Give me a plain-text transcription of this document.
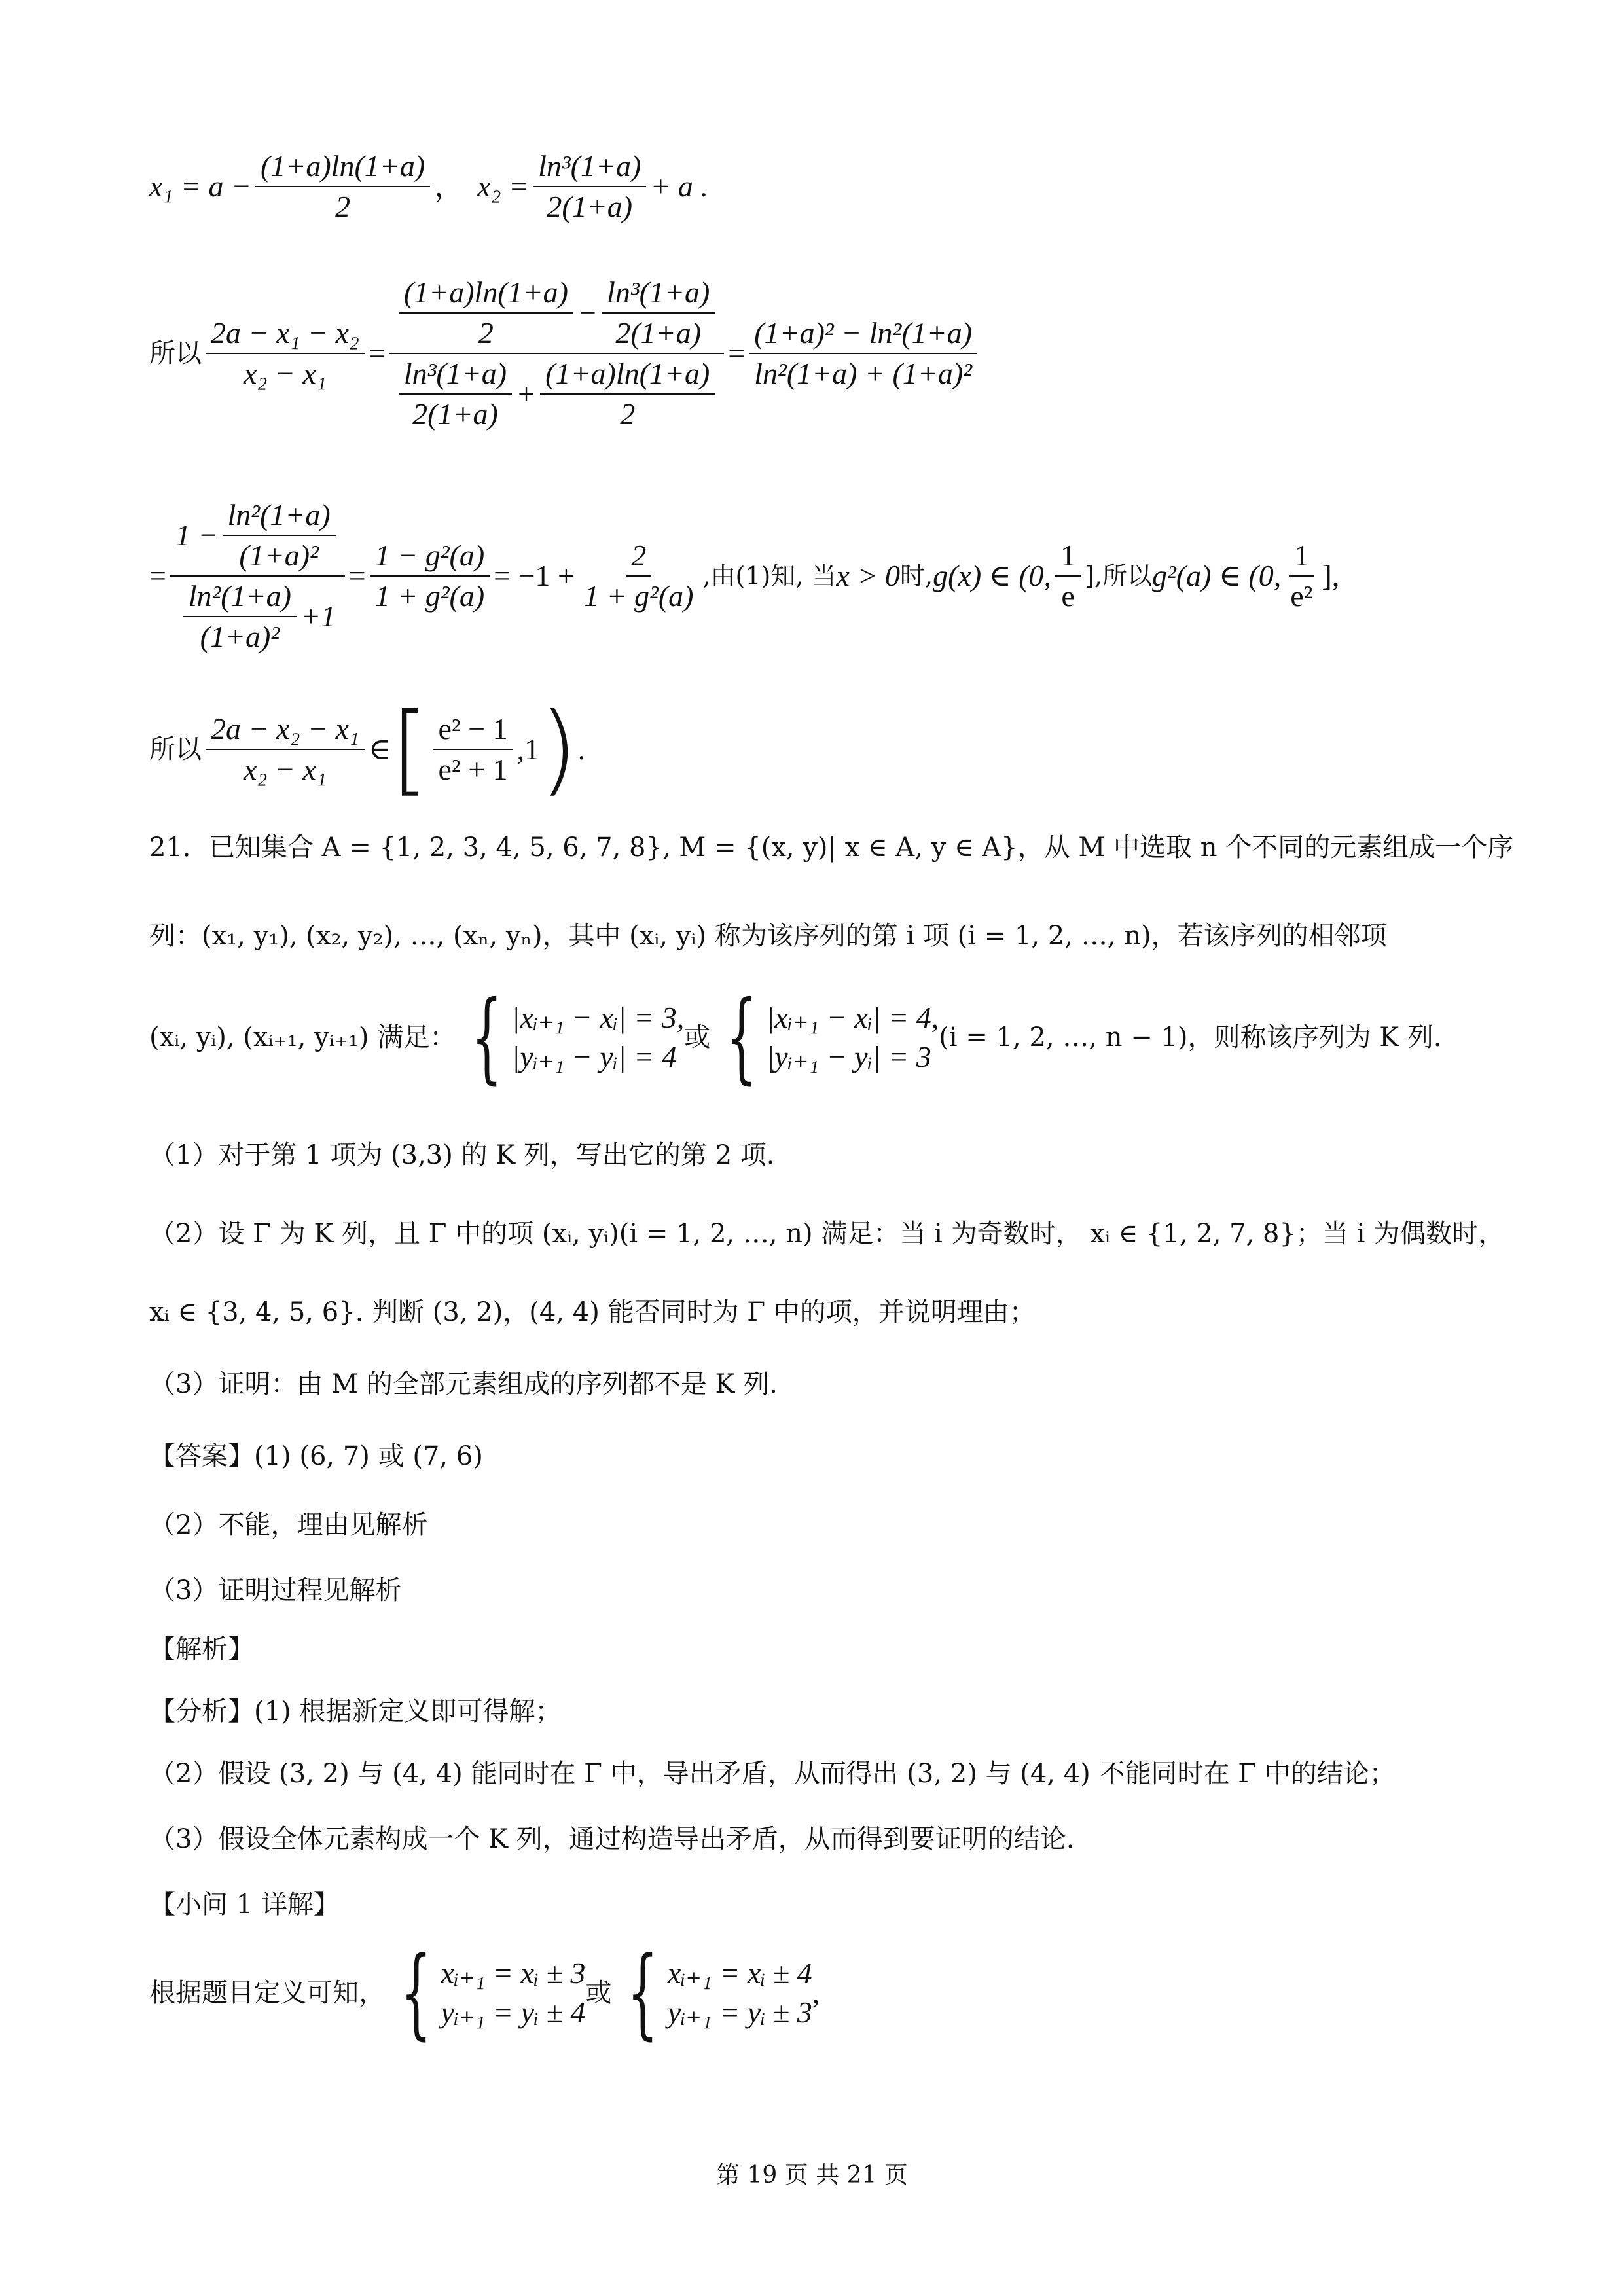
$x_1 = a - \frac{(1+a)\ln(1+a)}{2}$ ， $x_2 = \frac{\text{ln³(1+a)}}{2(1+a)} + a$ .
所以 $\frac{\text{2a − x₁ − x₂}}{\text{x₂ − x₁}}$ =
$\frac{(1+a)\ln(1+a)}{2} - \frac{\text{ln³(1+a)}}{2(1+a)}$
$\frac{\text{ln³(1+a)}}{2(1+a)} + \frac{(1+a)\ln(1+a)}{2}$
= $\frac{\text{(1+a)² − ln²(1+a)}}{\text{ln²(1+a) + (1+a)²}}$
= $\frac{1 - \frac{\text{ln²(1+a)}}{\text{(1+a)²}}}{\frac{\text{ln²(1+a)}}{\text{(1+a)²}} +1} = \frac{\text{1 − g²(a)}}{\text{1 + g²(a)}} = -1 + \frac{2}{\text{1 + g²(a)}}$ ,由(1)知, 当 x > 0 时, g(x) ∈ (0, $\frac{1}{e}$ ],所以 g²(a) ∈ (0, $\frac{1}{\text{e²}}$ ],
所以 $\frac{\text{2a − x₂ − x₁}}{\text{x₂ − x₁}}$ ∈ [ $\frac{\text{e² − 1}}{\text{e² + 1}} ,1$ ) .
21．已知集合 A = {1, 2, 3, 4, 5, 6, 7, 8}, M = {(x, y)| x ∈ A, y ∈ A}，从 M 中选取 n 个不同的元素组成一个序
列：(x₁, y₁), (x₂, y₂), …, (xₙ, yₙ)，其中 (xᵢ, yᵢ) 称为该序列的第 i 项 (i = 1, 2, …, n)，若该序列的相邻项
(xᵢ, yᵢ), (xᵢ₊₁, yᵢ₊₁) 满足： { |xᵢ₊₁ − xᵢ| = 3,
|yᵢ₊₁ − yᵢ| = 4
或 { |xᵢ₊₁ − xᵢ| = 4,
|yᵢ₊₁ − yᵢ| = 3
(i = 1, 2, …, n − 1)，则称该序列为 K 列.
（1）对于第 1 项为 (3,3) 的 K 列，写出它的第 2 项.
（2）设 Γ 为 K 列，且 Γ 中的项 (xᵢ, yᵢ)(i = 1, 2, …, n) 满足：当 i 为奇数时， xᵢ ∈ {1, 2, 7, 8}；当 i 为偶数时，
xᵢ ∈ {3, 4, 5, 6}. 判断 (3, 2)，(4, 4) 能否同时为 Γ 中的项，并说明理由；
（3）证明：由 M 的全部元素组成的序列都不是 K 列.
【答案】(1) (6, 7) 或 (7, 6)
（2）不能，理由见解析
（3）证明过程见解析
【解析】
【分析】(1) 根据新定义即可得解；
（2）假设 (3, 2) 与 (4, 4) 能同时在 Γ 中，导出矛盾，从而得出 (3, 2) 与 (4, 4) 不能同时在 Γ 中的结论；
（3）假设全体元素构成一个 K 列，通过构造导出矛盾，从而得到要证明的结论.
【小问 1 详解】
根据题目定义可知， { xᵢ₊₁ = xᵢ ± 3
yᵢ₊₁ = yᵢ ± 4
或 { xᵢ₊₁ = xᵢ ± 4
yᵢ₊₁ = yᵢ ± 3
,
第 19 页 共 21 页
